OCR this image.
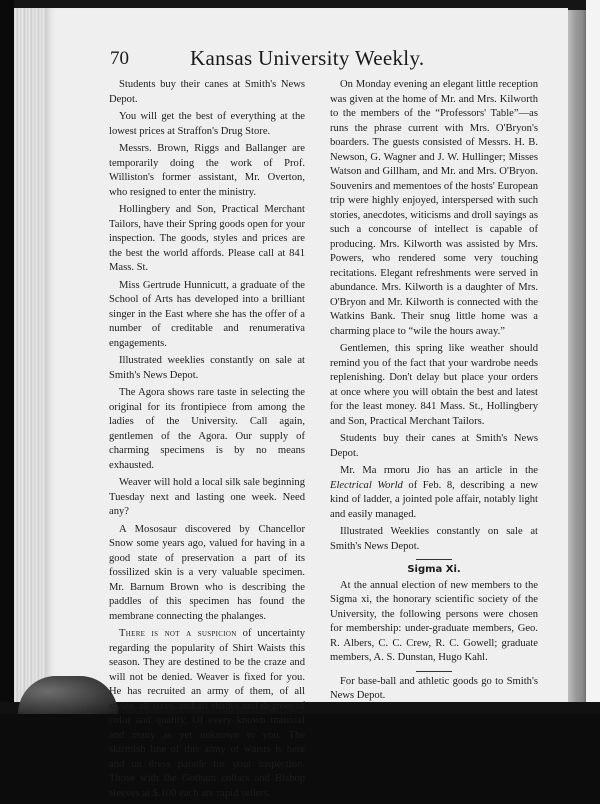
70	Kansas University Weekly.

Students buy their canes at Smith's News Depot.

You will get the best of everything at the lowest prices at Straffon's Drug Store.

Messrs. Brown, Riggs and Ballanger are temporarily doing the work of Prof. Williston's former assistant, Mr. Overton, who resigned to enter the ministry.

Hollingbery and Son, Practical Merchant Tailors, have their Spring goods open for your inspection. The goods, styles and prices are the best the world affords. Please call at 841 Mass. St.

Miss Gertrude Hunnicutt, a graduate of the School of Arts has developed into a brilliant singer in the East where she has the offer of a number of creditable and renumerativa engagements.

Illustrated weeklies constantly on sale at Smith's News Depot.

The Agora shows rare taste in selecting the original for its frontipiece from among the ladies of the University. Call again, gentlemen of the Agora. Our supply of charming specimens is by no means exhausted.

Weaver will hold a local silk sale beginning Tuesday next and lasting one week. Need any?

A Mososaur discovered by Chancellor Snow some years ago, valued for having in a good state of preservation a part of its fossilized skin is a very valuable specimen. Mr. Barnum Brown who is describing the paddles of this specimen has found the membrane connecting the phalanges.

There is not a suspicion of uncertainty regarding the popularity of Shirt Waists this season. They are destined to be the craze and will not be denied. Weaver is fixed for you. He has recruited an army of them, of all styles, all sizes, and all shades and degrees of color and quality, Of every known material and many as yet unknown to you. The skirmish line of this army of waists is here and on dress parade for your inspection. Those with the Gotham collars and Bishop sleeves at $.100 each are rapid sellers.

On Monday evening an elegant little reception was given at the home of Mr. and Mrs. Kilworth to the members of the “Professors' Table”—as runs the phrase current with Mrs. O'Bryon's boarders. The guests consisted of Messrs. H. B. Newson, G. Wagner and J. W. Hullinger; Misses Watson and Gillham, and Mr. and Mrs. O'Bryon. Souvenirs and mementoes of the hosts' European trip were highly enjoyed, interspersed with such stories, anecdotes, witicisms and droll sayings as such a concourse of intellect is capable of producing. Mrs. Kilworth was assisted by Mrs. Powers, who rendered some very touching recitations. Elegant refreshments were served in abundance. Mrs. Kilworth is a daughter of Mrs. O'Bryon and Mr. Kilworth is connected with the Watkins Bank. Their snug little home was a charming place to “wile the hours away.”

Gentlemen, this spring like weather should remind you of the fact that your wardrobe needs replenishing. Don't delay but place your orders at once where you will obtain the best and latest for the least money. 841 Mass. St., Hollingbery and Son, Practical Merchant Tailors.

Students buy their canes at Smith's News Depot.

Mr. Ma rmoru Jio has an article in the Electrical World of Feb. 8, describing a new kind of ladder, a jointed pole affair, notably light and easily managed.

Illustrated Weeklies constantly on sale at Smith's News Depot.

Sigma Xi.

At the annual election of new members to the Sigma xi, the honorary scientific society of the University, the following persons were chosen for membership: under-graduate members, Geo. R. Albers, C. C. Crew, R. C. Gowell; graduate members, A. S. Dunstan, Hugo Kahl.

For base-ball and athletic goods go to Smith's News Depot.
